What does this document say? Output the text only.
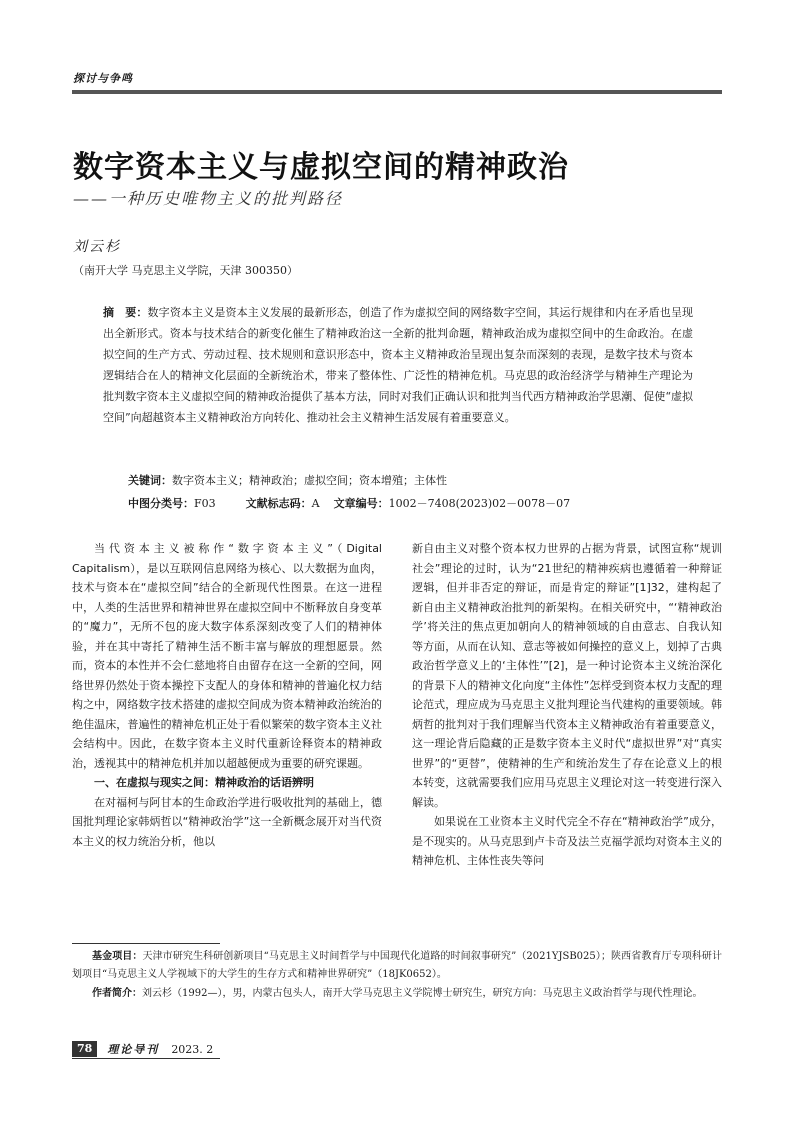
探讨与争鸣
数字资本主义与虚拟空间的精神政治
——一种历史唯物主义的批判路径
刘云杉
（南开大学 马克思主义学院，天津 300350）
摘　要：数字资本主义是资本主义发展的最新形态，创造了作为虚拟空间的网络数字空间，其运行规律和内在矛盾也呈现出全新形式。资本与技术结合的新变化催生了精神政治这一全新的批判命题，精神政治成为虚拟空间中的生命政治。在虚拟空间的生产方式、劳动过程、技术规则和意识形态中，资本主义精神政治呈现出复杂而深刻的表现，是数字技术与资本逻辑结合在人的精神文化层面的全新统治术，带来了整体性、广泛性的精神危机。马克思的政治经济学与精神生产理论为批判数字资本主义虚拟空间的精神政治提供了基本方法，同时对我们正确认识和批判当代西方精神政治学思潮、促使“虚拟空间”向超越资本主义精神政治方向转化、推动社会主义精神生活发展有着重要意义。
关键词：数字资本主义；精神政治；虚拟空间；资本增殖；主体性
中图分类号：F03	文献标志码：A 文章编号：1002－7408(2023)02－0078－07

当代资本主义被称作“数字资本主义”（Digital Capitalism），是以互联网信息网络为核心、以大数据为血肉，技术与资本在“虚拟空间”结合的全新现代性图景。在这一进程中，人类的生活世界和精神世界在虚拟空间中不断释放自身变革的“魔力”，无所不包的庞大数字体系深刻改变了人们的精神体验，并在其中寄托了精神生活不断丰富与解放的理想愿景。然而，资本的本性并不会仁慈地将自由留存在这一全新的空间，网络世界仍然处于资本操控下支配人的身体和精神的普遍化权力结构之中，网络数字技术搭建的虚拟空间成为资本精神政治统治的绝佳温床，普遍性的精神危机正处于看似繁荣的数字资本主义社会结构中。因此，在数字资本主义时代重新诠释资本的精神政治，透视其中的精神危机并加以超越便成为重要的研究课题。

一、在虚拟与现实之间：精神政治的话语辨明

在对福柯与阿甘本的生命政治学进行吸收批判的基础上，德国批判理论家韩炳哲以“精神政治学”这一全新概念展开对当代资本主义的权力统治分析，他以

新自由主义对整个资本权力世界的占据为背景，试图宣称“规训社会”理论的过时，认为“21世纪的精神疾病也遵循着一种辩证逻辑，但并非否定的辩证，而是肯定的辩证”[1]32，建构起了新自由主义精神政治批判的新架构。在相关研究中，“‘精神政治学’将关注的焦点更加朝向人的精神领域的自由意志、自我认知等方面，从而在认知、意志等被如何操控的意义上，划掉了古典政治哲学意义上的‘主体性’”[2]，是一种讨论资本主义统治深化的背景下人的精神文化向度“主体性”怎样受到资本权力支配的理论范式，理应成为马克思主义批判理论当代建构的重要领域。韩炳哲的批判对于我们理解当代资本主义精神政治有着重要意义，这一理论背后隐藏的正是数字资本主义时代“虚拟世界”对“真实世界”的“更替”，使精神的生产和统治发生了存在论意义上的根本转变，这就需要我们应用马克思主义理论对这一转变进行深入解读。

如果说在工业资本主义时代完全不存在“精神政治学”成分，是不现实的。从马克思到卢卡奇及法兰克福学派均对资本主义的精神危机、主体性丧失等问

基金项目：天津市研究生科研创新项目“马克思主义时间哲学与中国现代化道路的时间叙事研究”（2021YJSB025）；陕西省教育厅专项科研计划项目“马克思主义人学视域下的大学生的生存方式和精神世界研究”（18JK0652）。
作者简介：刘云杉（1992—），男，内蒙古包头人，南开大学马克思主义学院博士研究生，研究方向：马克思主义政治哲学与现代性理论。
78	理论导刊 2023. 2
